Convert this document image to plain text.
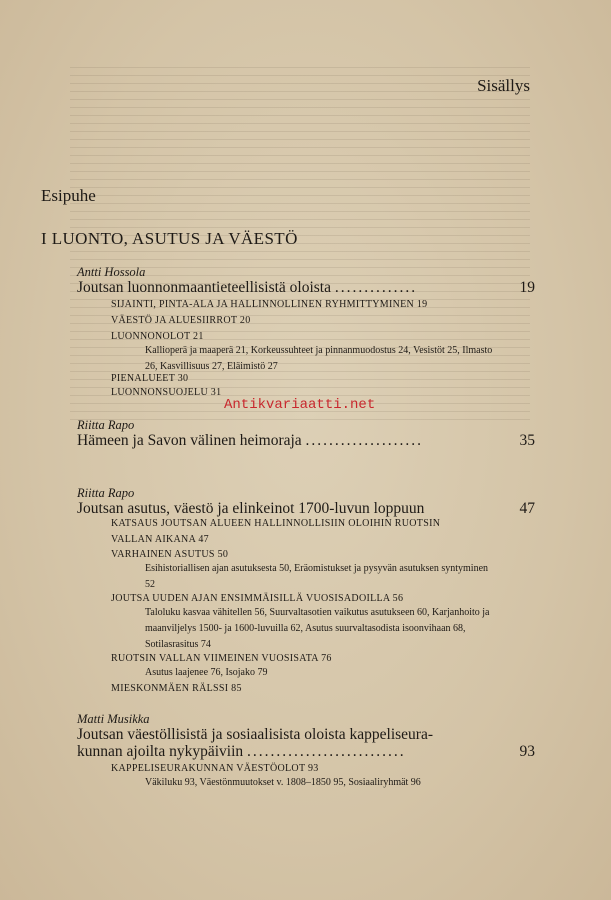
Sisällys
Esipuhe
I LUONTO, ASUTUS JA VÄESTÖ
Antti Hossola
Joutsan luonnonmaantieteellisistä oloista ..............	19
SIJAINTI, PINTA-ALA JA HALLINNOLLINEN RYHMITTYMINEN 19
VÄESTÖ JA ALUESIIRROT 20
LUONNONOLOT 21
Kallioperä ja maaperä 21, Korkeussuhteet ja pinnanmuodostus 24, Vesistöt 25, Ilmasto 26, Kasvillisuus 27, Eläimistö 27
PIENALUEET 30
LUONNONSUOJELU 31
Antikvariaatti.net
Riitta Rapo
Hämeen ja Savon välinen heimoraja ....................	35
Riitta Rapo
Joutsan asutus, väestö ja elinkeinot 1700-luvun loppuun	47
KATSAUS JOUTSAN ALUEEN HALLINNOLLISIIN OLOIHIN RUOTSIN
VALLAN AIKANA 47
VARHAINEN ASUTUS 50
Esihistoriallisen ajan asutuksesta 50, Eräomistukset ja pysyvän asutuksen syntyminen 52
JOUTSA UUDEN AJAN ENSIMMÄISILLÄ VUOSISADOILLA 56
Taloluku kasvaa vähitellen 56, Suurvaltasotien vaikutus asutukseen 60, Karjanhoito ja maanviljelys 1500- ja 1600-luvuilla 62, Asutus suurvaltasodista isoonvihaan 68, Sotilasrasitus 74
RUOTSIN VALLAN VIIMEINEN VUOSISATA 76
Asutus laajenee 76, Isojako 79
MIESKONMÄEN RÄLSSI 85
Matti Musikka
Joutsan väestöllisistä ja sosiaalisista oloista kappeliseura-
kunnan ajoilta nykypäiviin ...........................	93
KAPPELISEURAKUNNAN VÄESTÖOLOT 93
Väkiluku 93, Väestönmuutokset v. 1808–1850 95, Sosiaaliryhmät 96
